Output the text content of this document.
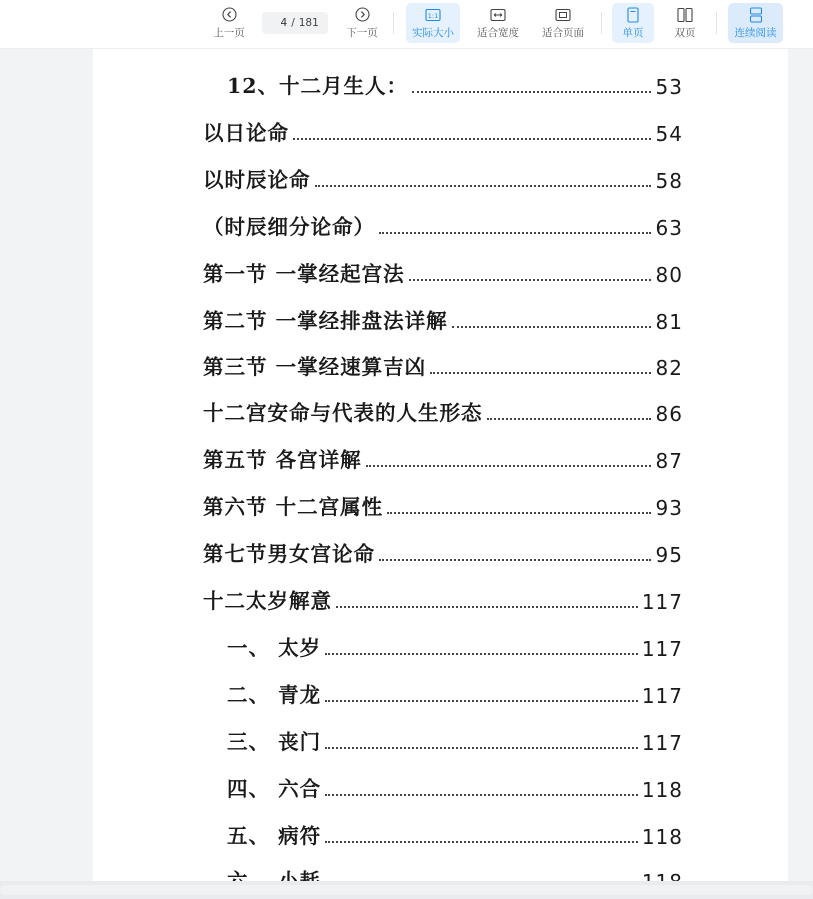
上一页
4
/ 181
下一页
1:1
实际大小 适合宽度 适合页面	单页	双页	连续阅读
12、十二月生人：	53
以日论命	54
以时辰论命	58
（时辰细分论命）	63
第一节 一掌经起宫法	80
第二节 一掌经排盘法详解	81
第三节 一掌经速算吉凶	82
十二宫安命与代表的人生形态	86
第五节 各宫详解	87
第六节 十二宫属性	93
第七节男女宫论命	95
十二太岁解意	117
一、 太岁	117
二、 青龙	117
三、 丧门	117
四、 六合	118
五、 病符	118
